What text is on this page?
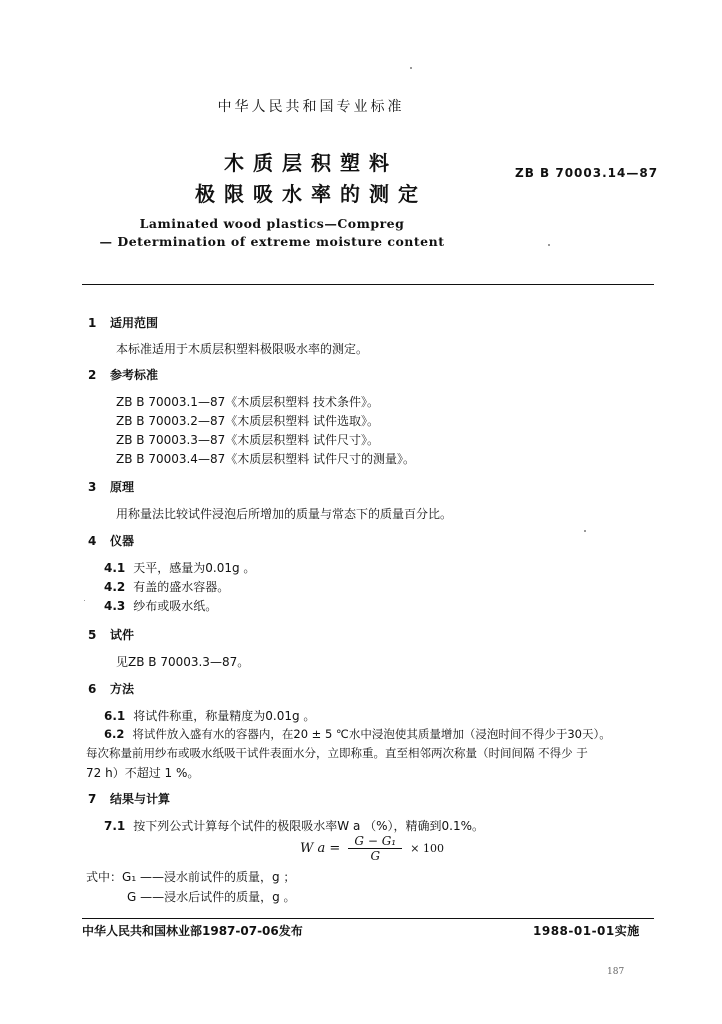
中华人民共和国专业标准
木质层积塑料
极限吸水率的测定
ZB B 70003.14—87
Laminated wood plastics—Compreg
— Determination of extreme moisture content
1 适用范围
本标准适用于木质层积塑料极限吸水率的测定。
2 参考标准
ZB B 70003.1—87《木质层积塑料 技术条件》。
ZB B 70003.2—87《木质层积塑料 试件选取》。
ZB B 70003.3—87《木质层积塑料 试件尺寸》。
ZB B 70003.4—87《木质层积塑料 试件尺寸的测量》。
3 原理
用称量法比较试件浸泡后所增加的质量与常态下的质量百分比。
4 仪器
4.1 天平，感量为0.01g 。
4.2 有盖的盛水容器。
4.3 纱布或吸水纸。
5 试件
见ZB B 70003.3—87。
6 方法
6.1 将试件称重，称量精度为0.01g 。
6.2 将试件放入盛有水的容器内，在20 ± 5 ℃水中浸泡使其质量增加（浸泡时间不得少于30天）。
每次称量前用纱布或吸水纸吸干试件表面水分，立即称重。直至相邻两次称量（时间间隔 不得少 于
72 h）不超过 1 %。
7 结果与计算
7.1 按下列公式计算每个试件的极限吸水率W a （%），精确到0.1%。
W $a = \frac{\text{G − G₁}}{G} \times 100$
式中：G₁ ——浸水前试件的质量，g ；
G ——浸水后试件的质量，g 。
中华人民共和国林业部1987-07-06发布	1988-01-01实施
187
